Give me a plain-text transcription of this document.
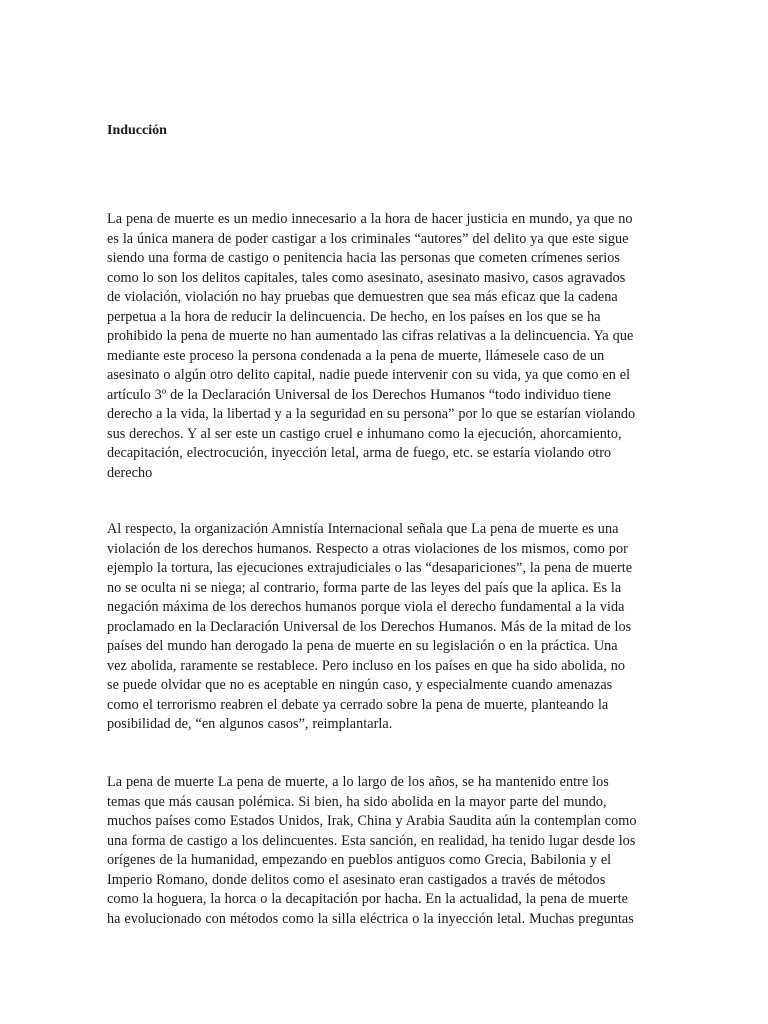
Inducción

La pena de muerte es un medio innecesario a la hora de hacer justicia en mundo, ya que no
es la única manera de poder castigar a los criminales “autores” del delito ya que este sigue
siendo una forma de castigo o penitencia hacia las personas que cometen crímenes serios
como lo son los delitos capitales, tales como asesinato, asesinato masivo, casos agravados
de violación, violación no hay pruebas que demuestren que sea más eficaz que la cadena
perpetua a la hora de reducir la delincuencia. De hecho, en los países en los que se ha
prohibido la pena de muerte no han aumentado las cifras relativas a la delincuencia. Ya que
mediante este proceso la persona condenada a la pena de muerte, llámesele caso de un
asesinato o algún otro delito capital, nadie puede intervenir con su vida, ya que como en el
artículo 3º de la Declaración Universal de los Derechos Humanos “todo individuo tiene
derecho a la vida, la libertad y a la seguridad en su persona” por lo que se estarían violando
sus derechos. Y al ser este un castigo cruel e inhumano como la ejecución, ahorcamiento,
decapitación, electrocución, inyección letal, arma de fuego, etc. se estaría violando otro
derecho

Al respecto, la organización Amnistía Internacional señala que La pena de muerte es una
violación de los derechos humanos. Respecto a otras violaciones de los mismos, como por
ejemplo la tortura, las ejecuciones extrajudiciales o las “desapariciones”, la pena de muerte
no se oculta ni se niega; al contrario, forma parte de las leyes del país que la aplica. Es la
negación máxima de los derechos humanos porque viola el derecho fundamental a la vida
proclamado en la Declaración Universal de los Derechos Humanos. Más de la mitad de los
países del mundo han derogado la pena de muerte en su legislación o en la práctica. Una
vez abolida, raramente se restablece. Pero incluso en los países en que ha sido abolida, no
se puede olvidar que no es aceptable en ningún caso, y especialmente cuando amenazas
como el terrorismo reabren el debate ya cerrado sobre la pena de muerte, planteando la
posibilidad de, “en algunos casos”, reimplantarla.

La pena de muerte La pena de muerte, a lo largo de los años, se ha mantenido entre los
temas que más causan polémica. Si bien, ha sido abolida en la mayor parte del mundo,
muchos países como Estados Unidos, Irak, China y Arabia Saudita aún la contemplan como
una forma de castigo a los delincuentes. Esta sanción, en realidad, ha tenido lugar desde los
orígenes de la humanidad, empezando en pueblos antiguos como Grecia, Babilonia y el
Imperio Romano, donde delitos como el asesinato eran castigados a través de métodos
como la hoguera, la horca o la decapitación por hacha. En la actualidad, la pena de muerte
ha evolucionado con métodos como la silla eléctrica o la inyección letal. Muchas preguntas
